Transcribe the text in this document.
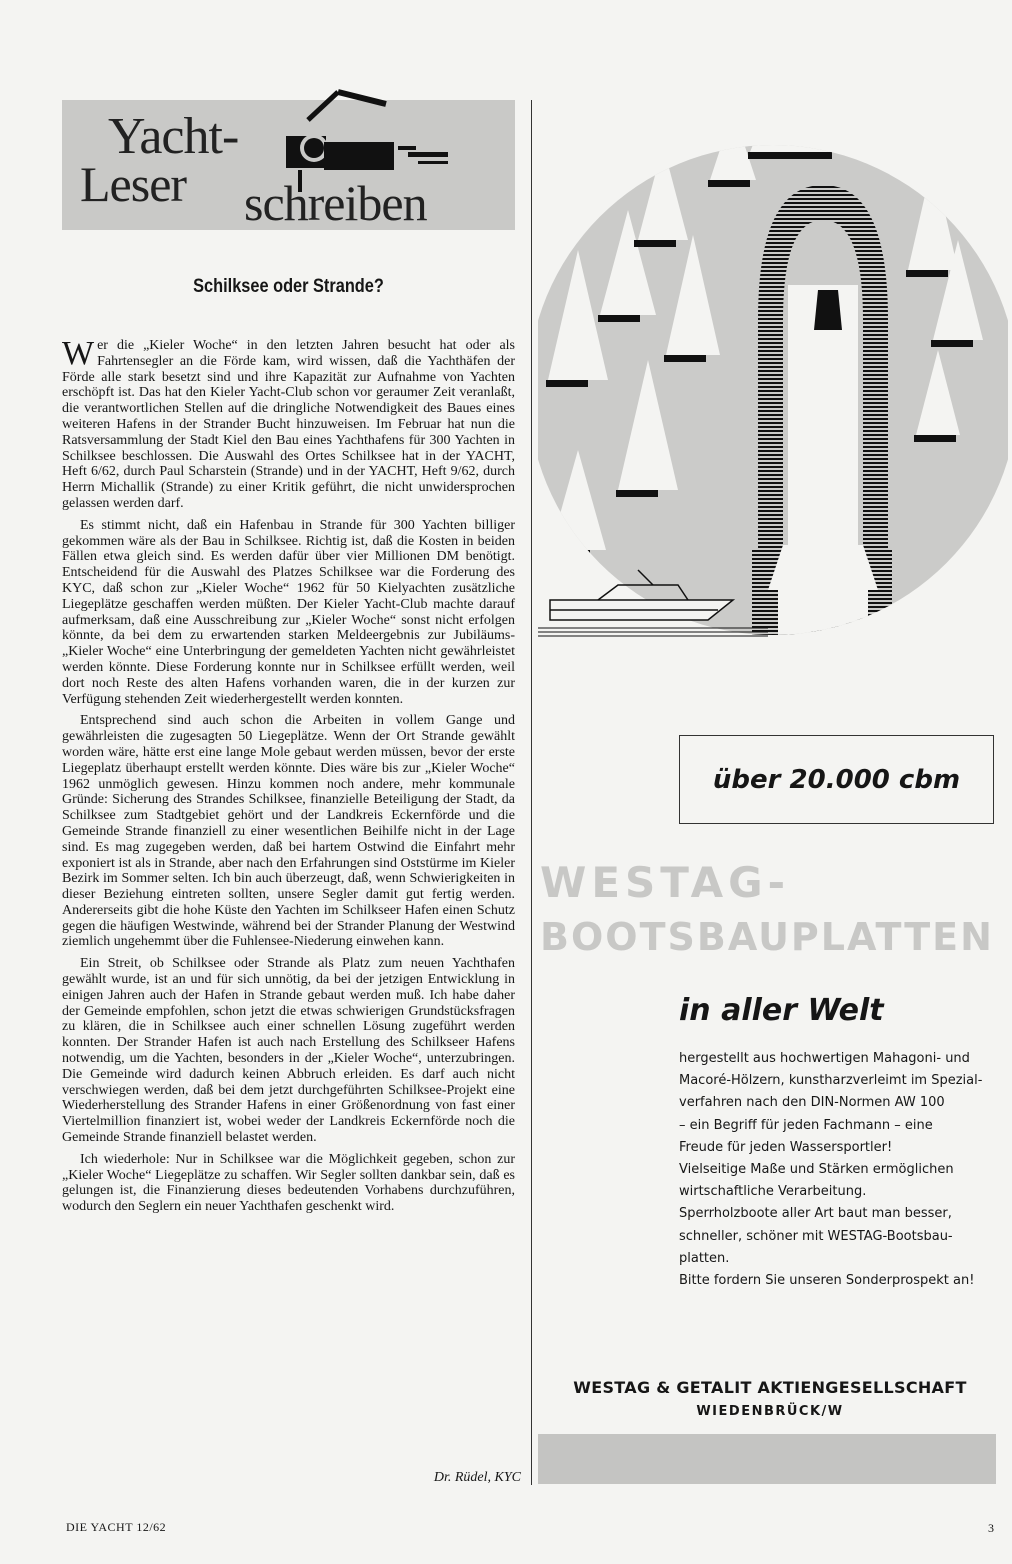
Yacht-
Leser schreiben
Schilksee oder Strande?

Wer die „Kieler Woche“ in den letzten Jahren besucht hat oder als Fahrtensegler an die Förde kam, wird wissen, daß die Yachthäfen der Förde alle stark besetzt sind und ihre Kapazität zur Aufnahme von Yachten erschöpft ist. Das hat den Kieler Yacht-Club schon vor geraumer Zeit veranlaßt, die verantwortlichen Stellen auf die dringliche Notwendigkeit des Baues eines weiteren Hafens in der Strander Bucht hinzuweisen. Im Februar hat nun die Ratsversammlung der Stadt Kiel den Bau eines Yachthafens für 300 Yachten in Schilksee beschlossen. Die Auswahl des Ortes Schilksee hat in der YACHT, Heft 6/62, durch Paul Scharstein (Strande) und in der YACHT, Heft 9/62, durch Herrn Michallik (Strande) zu einer Kritik geführt, die nicht unwidersprochen gelassen werden darf.

Es stimmt nicht, daß ein Hafenbau in Strande für 300 Yachten billiger gekommen wäre als der Bau in Schilksee. Richtig ist, daß die Kosten in beiden Fällen etwa gleich sind. Es werden dafür über vier Millionen DM benötigt. Entscheidend für die Auswahl des Platzes Schilksee war die Forderung des KYC, daß schon zur „Kieler Woche“ 1962 für 50 Kielyachten zusätzliche Liegeplätze geschaffen werden müßten. Der Kieler Yacht-Club machte darauf aufmerksam, daß eine Ausschreibung zur „Kieler Woche“ sonst nicht erfolgen könnte, da bei dem zu erwartenden starken Meldeergebnis zur Jubiläums-„Kieler Woche“ eine Unterbringung der gemeldeten Yachten nicht gewährleistet werden könnte. Diese Forderung konnte nur in Schilksee erfüllt werden, weil dort noch Reste des alten Hafens vorhanden waren, die in der kurzen zur Verfügung stehenden Zeit wiederhergestellt werden konnten.

Entsprechend sind auch schon die Arbeiten in vollem Gange und gewährleisten die zugesagten 50 Liegeplätze. Wenn der Ort Strande gewählt worden wäre, hätte erst eine lange Mole gebaut werden müssen, bevor der erste Liegeplatz überhaupt erstellt werden könnte. Dies wäre bis zur „Kieler Woche“ 1962 unmöglich gewesen. Hinzu kommen noch andere, mehr kommunale Gründe: Sicherung des Strandes Schilksee, finanzielle Beteiligung der Stadt, da Schilksee zum Stadtgebiet gehört und der Landkreis Eckernförde und die Gemeinde Strande finanziell zu einer wesentlichen Beihilfe nicht in der Lage sind. Es mag zugegeben werden, daß bei hartem Ostwind die Einfahrt mehr exponiert ist als in Strande, aber nach den Erfahrungen sind Oststürme im Kieler Bezirk im Sommer selten. Ich bin auch überzeugt, daß, wenn Schwierigkeiten in dieser Beziehung eintreten sollten, unsere Segler damit gut fertig werden. Andererseits gibt die hohe Küste den Yachten im Schilkseer Hafen einen Schutz gegen die häufigen Westwinde, während bei der Strander Planung der Westwind ziemlich ungehemmt über die Fuhlensee-Niederung einwehen kann.

Ein Streit, ob Schilksee oder Strande als Platz zum neuen Yachthafen gewählt wurde, ist an und für sich unnötig, da bei der jetzigen Entwicklung in einigen Jahren auch der Hafen in Strande gebaut werden muß. Ich habe daher der Gemeinde empfohlen, schon jetzt die etwas schwierigen Grundstücksfragen zu klären, die in Schilksee auch einer schnellen Lösung zugeführt werden konnten. Der Strander Hafen ist auch nach Erstellung des Schilkseer Hafens notwendig, um die Yachten, besonders in der „Kieler Woche“, unterzubringen. Die Gemeinde wird dadurch keinen Abbruch erleiden. Es darf auch nicht verschwiegen werden, daß bei dem jetzt durchgeführten Schilksee-Projekt eine Wiederherstellung des Strander Hafens in einer Größenordnung von fast einer Viertelmillion finanziert ist, wobei weder der Landkreis Eckernförde noch die Gemeinde Strande finanziell belastet werden.

Ich wiederhole: Nur in Schilksee war die Möglichkeit gegeben, schon zur „Kieler Woche“ Liegeplätze zu schaffen. Wir Segler sollten dankbar sein, daß es gelungen ist, die Finanzierung dieses bedeutenden Vorhabens durchzuführen, wodurch den Seglern ein neuer Yachthafen geschenkt wird.

Dr. Rüdel, KYC
DIE YACHT 12/62	3
über 20.000 cbm
WESTAG-
BOOTSBAUPLATTEN
in aller Welt
hergestellt aus hochwertigen Mahagoni- und
Macoré-Hölzern, kunstharzverleimt im Spezial-
verfahren nach den DIN-Normen AW 100
– ein Begriff für jeden Fachmann – eine
Freude für jeden Wassersportler!
Vielseitige Maße und Stärken ermöglichen
wirtschaftliche Verarbeitung.
Sperrholzboote aller Art baut man besser,
schneller, schöner mit WESTAG-Bootsbau-
platten.
Bitte fordern Sie unseren Sonderprospekt an!
WESTAG & GETALIT AKTIENGESELLSCHAFT
WIEDENBRÜCK/W
